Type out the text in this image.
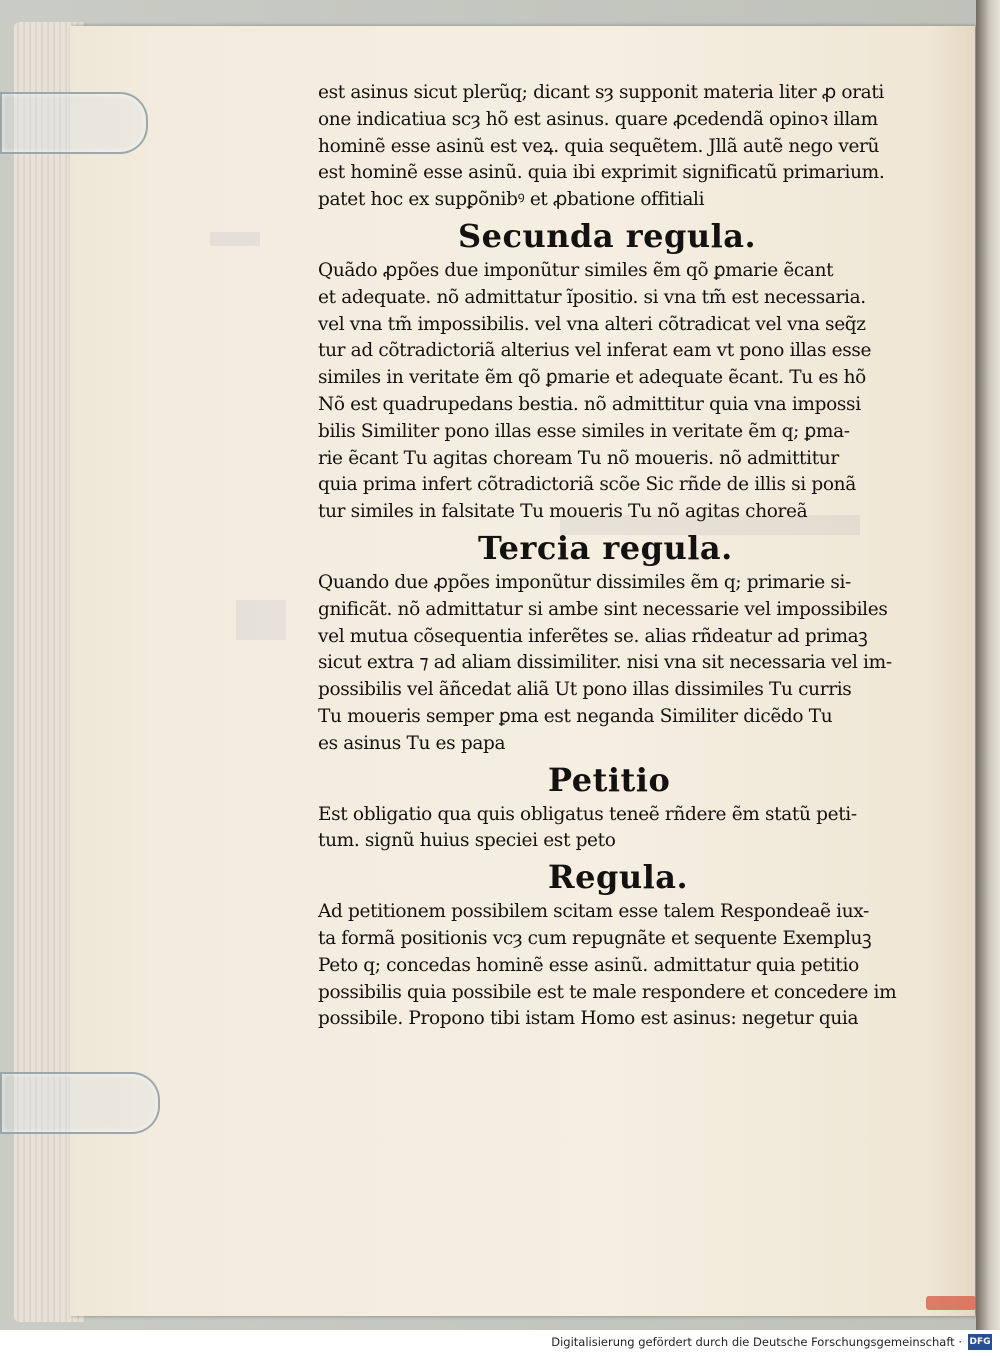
est asinus sicut plerũq; dicant sȝ supponit materia liter ꝓ orati
one indicatiua scȝ hõ est asinus. quare ꝓcedendã opinoꝛ illam
hominẽ esse asinũ est veꝝ. quia sequẽtem. Jllã autẽ nego verũ
est hominẽ esse asinũ. quia ibi exprimit significatũ primarium.
patet hoc ex supꝑõnibꝰ et ꝓbatione offitiali
Secunda regula.
Quãdo ꝓpões due imponũtur similes ẽm qõ ꝑmarie ẽcant
et adequate. nõ admittatur ĩpositio. si vna tm̃ est necessaria.
vel vna tm̃ impossibilis. vel vna alteri cõtradicat vel vna seq̃z
tur ad cõtradictoriã alterius vel inferat eam vt pono illas esse
similes in veritate ẽm qõ ꝑmarie et adequate ẽcant. Tu es hõ
Nõ est quadrupedans bestia. nõ admittitur quia vna impossi
bilis Similiter pono illas esse similes in veritate ẽm q; ꝑma-
rie ẽcant Tu agitas choream Tu nõ moueris. nõ admittitur
quia prima infert cõtradictoriã scõe Sic rñde de illis si ponã
tur similes in falsitate Tu moueris Tu nõ agitas choreã
Tercia regula.
Quando due ꝓpões imponũtur dissimiles ẽm q; primarie si-
gnificãt. nõ admittatur si ambe sint necessarie vel impossibiles
vel mutua cõsequentia inferẽtes se. alias rñdeatur ad primaꝫ
sicut extra ⁊ ad aliam dissimiliter. nisi vna sit necessaria vel im-
possibilis vel ãñcedat aliã Ut pono illas dissimiles Tu curris
Tu moueris semper ꝑma est neganda Similiter dicẽdo Tu
es asinus Tu es papa
Petitio
Est obligatio qua quis obligatus teneẽ rñdere ẽm statũ peti-
tum. signũ huius speciei est peto
Regula.
Ad petitionem possibilem scitam esse talem Respondeaẽ iux-
ta formã positionis vcȝ cum repugnãte et sequente Exempluꝫ
Peto q; concedas hominẽ esse asinũ. admittatur quia petitio
possibilis quia possibile est te male respondere et concedere im
possibile. Propono tibi istam Homo est asinus: negetur quia
Digitalisierung gefördert durch die Deutsche Forschungsgemeinschaft · DFG
